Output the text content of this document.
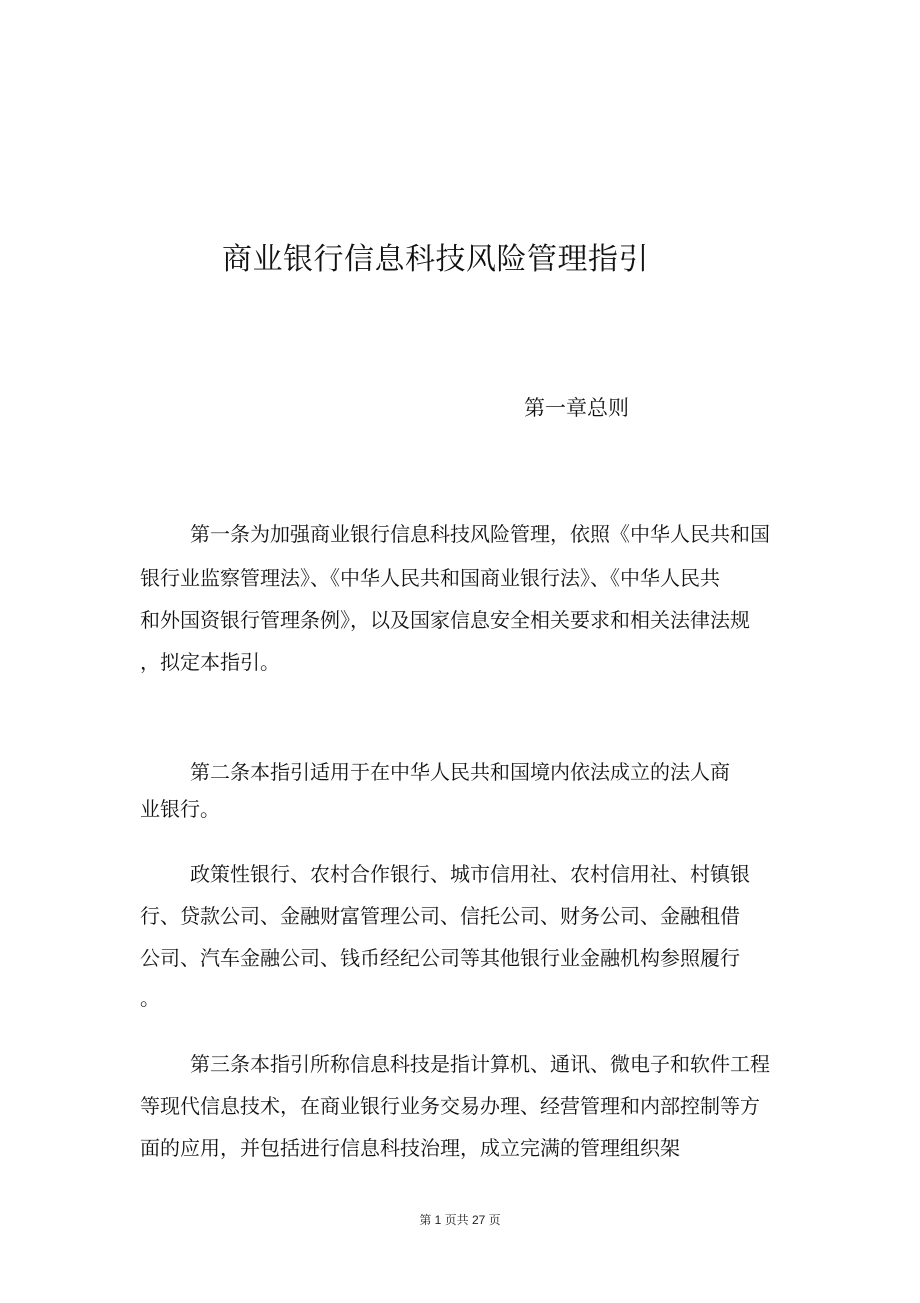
商业银行信息科技风险管理指引
第一章总则

第一条为加强商业银行信息科技风险管理，依照《中华人民共和国

银行业监察管理法》、《中华人民共和国商业银行法》、《中华人民共

和外国资银行管理条例》，以及国家信息安全相关要求和相关法律法规

，拟定本指引。

第二条本指引适用于在中华人民共和国境内依法成立的法人商

业银行。

政策性银行、农村合作银行、城市信用社、农村信用社、村镇银

行、贷款公司、金融财富管理公司、信托公司、财务公司、金融租借

公司、汽车金融公司、钱币经纪公司等其他银行业金融机构参照履行

。

第三条本指引所称信息科技是指计算机、通讯、微电子和软件工程

等现代信息技术，在商业银行业务交易办理、经营管理和内部控制等方

面的应用，并包括进行信息科技治理，成立完满的管理组织架

第 1 页共 27 页
